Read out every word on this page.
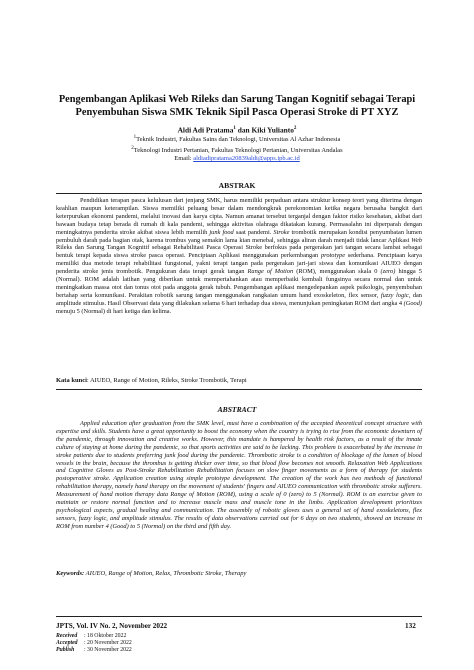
Pengembangan Aplikasi Web Rileks dan Sarung Tangan Kognitif sebagai Terapi
Penyembuhan Siswa SMK Teknik Sipil Pasca Operasi Stroke di PT XYZ
Aldi Adi Pratama$^1$ dan Kiki Yulianto$^2$
$^1$Teknik Industri, Fakultas Sains dan Teknologi, Universitas Al Azhar Indonesia
$^2$Teknologi Industri Pertanian, Fakultas Teknologi Pertanian, Universitas Andalas
Email: aldiadipratama20839aldi@apps.ipb.ac.id
ABSTRAK

Pendidikan terapan pasca kelulusan dari jenjang SMK, harus memiliki perpaduan antara struktur konsep teori yang diterima dengan keahlian maupun keterampilan. Siswa memiliki peluang besar dalam mendongkrak perekonomian ketika negara berusaha bangkit dari keterpurukan ekonomi pandemi, melalui inovasi dan karya cipta. Namun amanat tersebut terganjal dengan faktor risiko kesehatan, akibat dari bawaan budaya tetap berada di rumah di kala pandemi, sehingga aktivitas olahraga dikatakan kurang. Permasalahn ini diperparah dengan meningkatnya penderita stroke akibat siswa lebih memilih junk food saat pandemi. Stroke trombotik merupakan kondisi penyumbatan lumen pembuluh darah pada bagian otak, karena trombus yang semakin lama kian menebal, sehingga aliran darah menjadi tidak lancar Aplikasi Web Rileks dan Sarung Tangan Kognitif sebagai Rehabilitasi Pasca Operasi Stroke berfokus pada pergerakan jari tangan secara lambat sebagai bentuk terapi kepada siswa stroke pasca operasi. Penciptaan Aplikasi menggunakan perkembangan prototype sederhana. Penciptaan karya memiliki dua metode terapi rehabilitasi fungsional, yakni terapi tangan pada pergerakan jari-jari siswa dan komunikasi AIUEO dengan penderita stroke jenis trombotik. Pengukuran data terapi gerak tangan Range of Motion (ROM), menggunakan skala 0 (zero) hingga 5 (Normal). ROM adalah latihan yang diberikan untuk mempertahankan atau memperbaiki kembali fungsinya secara normal dan untuk meningkatkan massa otot dan tonus otot pada anggota gerak tubuh. Pengembangan aplikasi mengedepankan aspek psikologis, penyembuhan bertahap serta komunikasi. Perakitan robotik sarung tangan menggunakan rangkaian umum hand exoskeleton, flex sensor, fuzzy logic, dan amplitude stimulus. Hasil Observasi data yang dilakukan selama 6 hari terhadap dua siswa, menunjukan peningkatan ROM dari angka 4 (Good) menuju 5 (Normal) di hari ketiga dan kelima.

Kata kunci: AIUEO, Range of Motion, Rileks, Stroke Trombotik, Terapi
ABSTRACT

Applied education after graduation from the SMK level, must have a combination of the accepted theoretical concept structure with expertise and skills. Students have a great opportunity to boost the economy when the country is trying to rise from the economic downturn of the pandemic, through innovation and creative works. However, this mandate is hampered by health risk factors, as a result of the innate culture of staying at home during the pandemic, so that sports activities are said to be lacking. This problem is exacerbated by the increase in stroke patients due to students preferring junk food during the pandemic. Thrombotic stroke is a condition of blockage of the lumen of blood vessels in the brain, because the thrombus is getting thicker over time, so that blood flow becomes not smooth. Relaxation Web Applications and Cognitive Gloves as Post-Stroke Rehabilitation Rehabilitation focuses on slow finger movements as a form of therapy for students postoperative stroke. Application creation using simple prototype development. The creation of the work has two methods of functional rehabilitation therapy, namely hand therapy on the movement of students' fingers and AIUEO communication with thrombotic stroke sufferers. Measurement of hand motion therapy data Range of Motion (ROM), using a scale of 0 (zero) to 5 (Normal). ROM is an exercise given to maintain or restore normal function and to increase muscle mass and muscle tone in the limbs. Application development prioritizes psychological aspects, gradual healing and communication. The assembly of robotic gloves uses a general set of hand exoskeletons, flex sensors, fuzzy logic, and amplitude stimulus. The results of data observations carried out for 6 days on two students, showed an increase in ROM from number 4 (Good) to 5 (Normal) on the third and fifth day.

Keywords: AIUEO, Range of Motion, Relax, Thrombotic Stroke, Therapy
JPTS, Vol. IV No. 2, November 2022	132
Received : 18 Oktober 2022
Accepted : 20 November 2022
Publish : 30 November 2022
